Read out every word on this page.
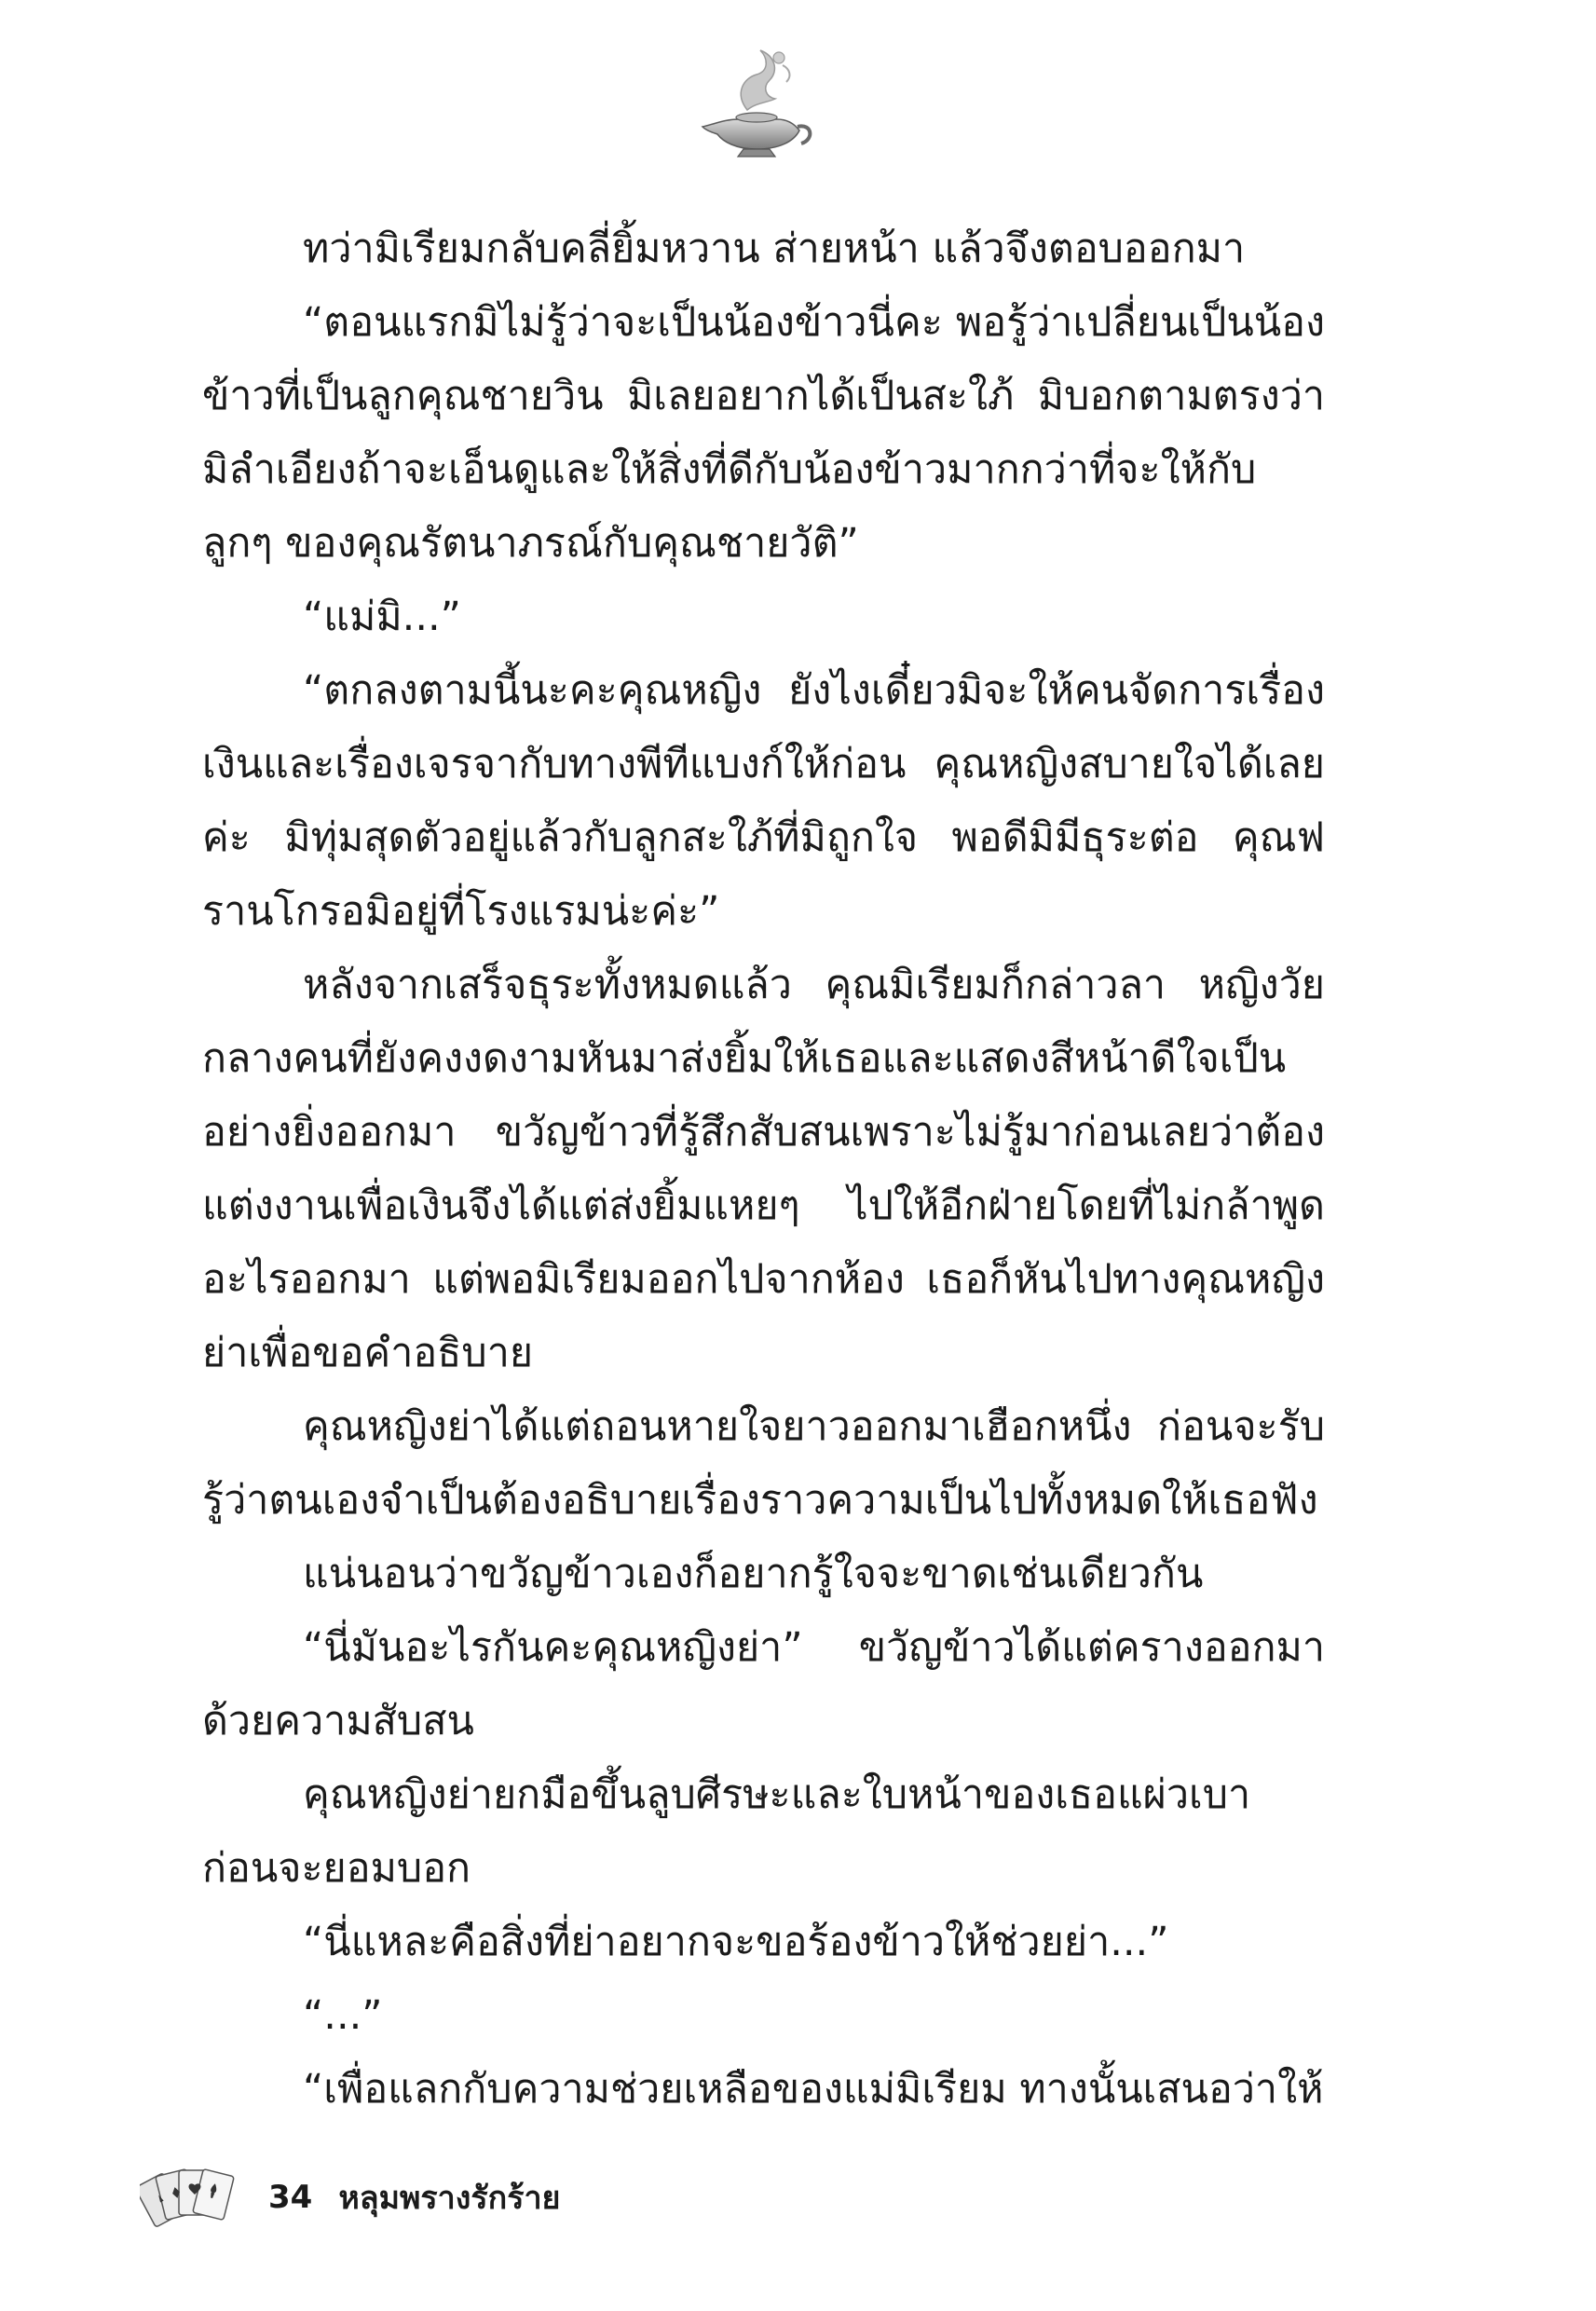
ทว่ามิเรียมกลับคลี่ยิ้มหวาน ส่ายหน้า แล้วจึงตอบออกมา

“ตอนแรกมิไม่รู้ว่าจะเป็นน้องข้าวนี่คะ พอรู้ว่าเปลี่ยนเป็นน้องข้าวที่เป็นลูกคุณชายวิน มิเลยอยากได้เป็นสะใภ้ มิบอกตามตรงว่ามิลำเอียงถ้าจะเอ็นดูและให้สิ่งที่ดีกับน้องข้าวมากกว่าที่จะให้กับลูกๆ ของคุณรัตนาภรณ์กับคุณชายวัติ”

“แม่มิ...”

“ตกลงตามนี้นะคะคุณหญิง ยังไงเดี๋ยวมิจะให้คนจัดการเรื่องเงินและเรื่องเจรจากับทางพีทีแบงก์ให้ก่อน คุณหญิงสบายใจได้เลยค่ะ มิทุ่มสุดตัวอยู่แล้วกับลูกสะใภ้ที่มิถูกใจ พอดีมิมีธุระต่อ คุณฟรานโกรอมิอยู่ที่โรงแรมน่ะค่ะ”

หลังจากเสร็จธุระทั้งหมดแล้ว คุณมิเรียมก็กล่าวลา หญิงวัยกลางคนที่ยังคงงดงามหันมาส่งยิ้มให้เธอและแสดงสีหน้าดีใจเป็นอย่างยิ่งออกมา ขวัญข้าวที่รู้สึกสับสนเพราะไม่รู้มาก่อนเลยว่าต้องแต่งงานเพื่อเงินจึงได้แต่ส่งยิ้มแหยๆ ไปให้อีกฝ่ายโดยที่ไม่กล้าพูดอะไรออกมา แต่พอมิเรียมออกไปจากห้อง เธอก็หันไปทางคุณหญิงย่าเพื่อขอคำอธิบาย

คุณหญิงย่าได้แต่ถอนหายใจยาวออกมาเฮือกหนึ่ง ก่อนจะรับรู้ว่าตนเองจำเป็นต้องอธิบายเรื่องราวความเป็นไปทั้งหมดให้เธอฟัง

แน่นอนว่าขวัญข้าวเองก็อยากรู้ใจจะขาดเช่นเดียวกัน

“นี่มันอะไรกันคะคุณหญิงย่า” ขวัญข้าวได้แต่ครางออกมาด้วยความสับสน

คุณหญิงย่ายกมือขึ้นลูบศีรษะและใบหน้าของเธอแผ่วเบา ก่อนจะยอมบอก

“นี่แหละคือสิ่งที่ย่าอยากจะขอร้องข้าวให้ช่วยย่า...”

“...”

“เพื่อแลกกับความช่วยเหลือของแม่มิเรียม ทางนั้นเสนอว่าให้

34 หลุมพรางรักร้าย
